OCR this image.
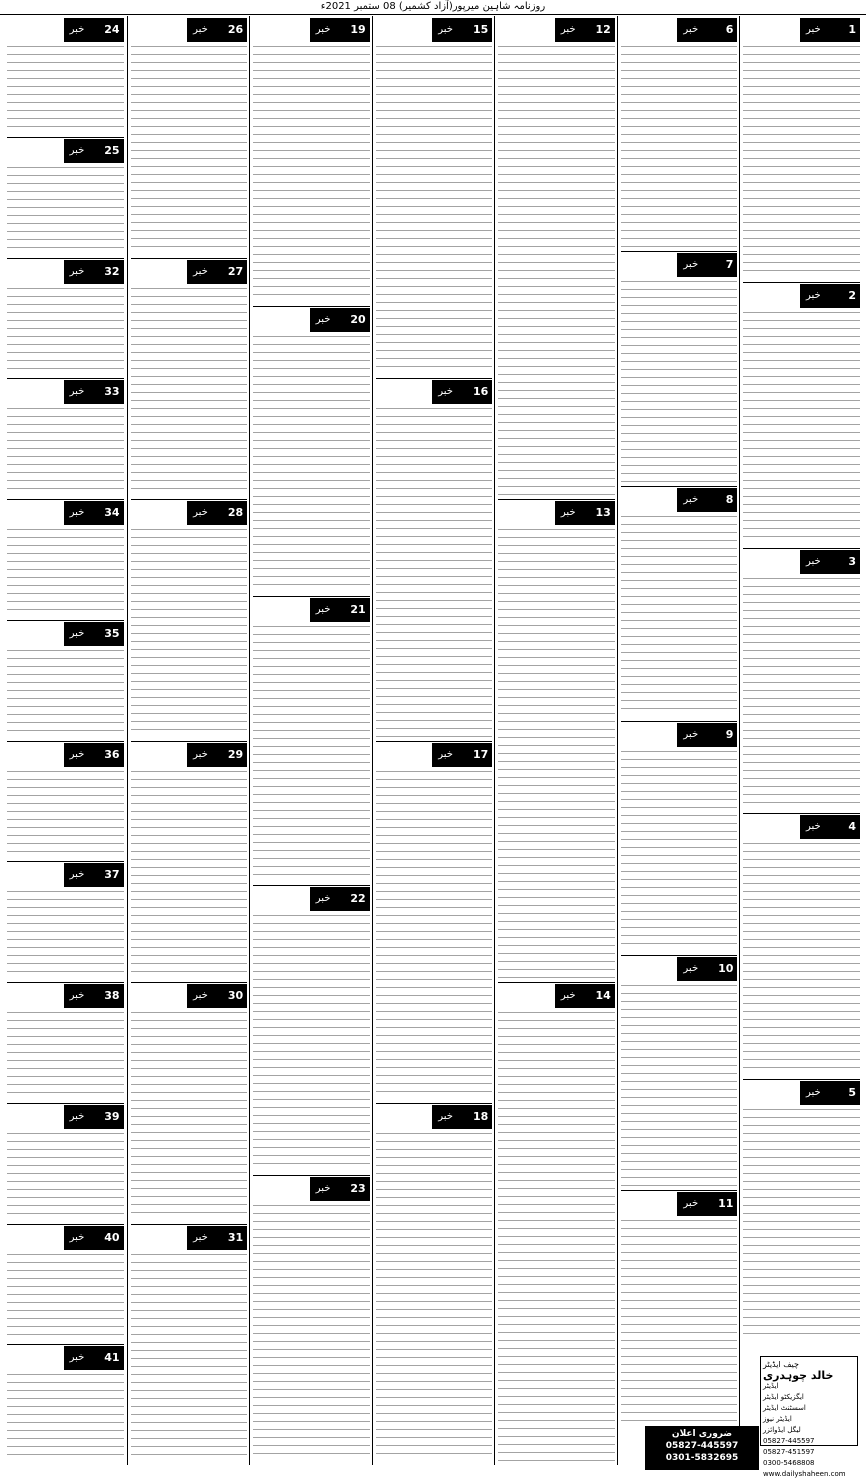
روزنامہ شاہین میرپور(آزاد کشمیر) 08 ستمبر 2021ء
خبر 24
خبر 25
خبر 32
خبر 33
خبر 34
خبر 35
خبر 36
خبر 37
خبر 38
خبر 39
خبر 40
خبر 41
خبر 26
خبر 27
خبر 28
خبر 29
خبر 30
خبر 31
خبر 19
خبر 20
خبر 21
خبر 22
خبر 23
خبر 15
خبر 16
خبر 17
خبر 18
خبر 12
خبر 13
خبر 14
خبر	6
خبر	7
خبر	8
خبر	9
خبر 10
خبر 11
خبر	1
خبر	2
خبر	3
خبر	4
خبر	5
چیف ایڈیٹر
خالد چوہدری
ایڈیٹر
ایگزیکٹو ایڈیٹر
اسسٹنٹ ایڈیٹر
ایڈیٹر نیوز
لیگل ایڈوائزر
05827-445597
05827-451597
0300-5468808
www.dailyshaheen.com
ضروری اعلان
05827-445597
0301-5832695
